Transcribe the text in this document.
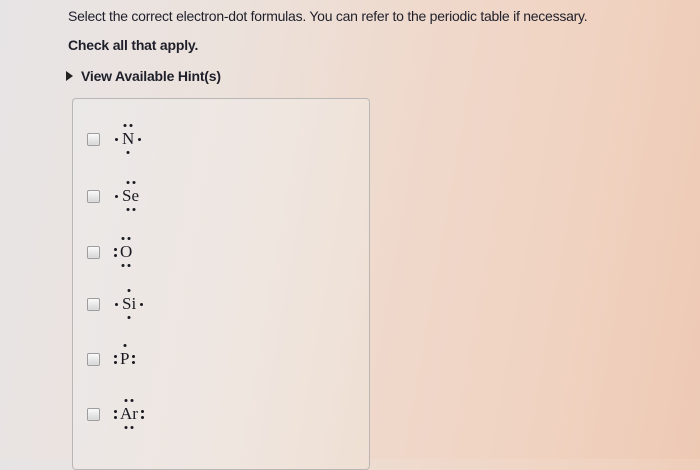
Select the correct electron-dot formulas. You can refer to the periodic table if necessary.
Check all that apply.
View Available Hint(s)
N
Se
O
Si
P
Ar
